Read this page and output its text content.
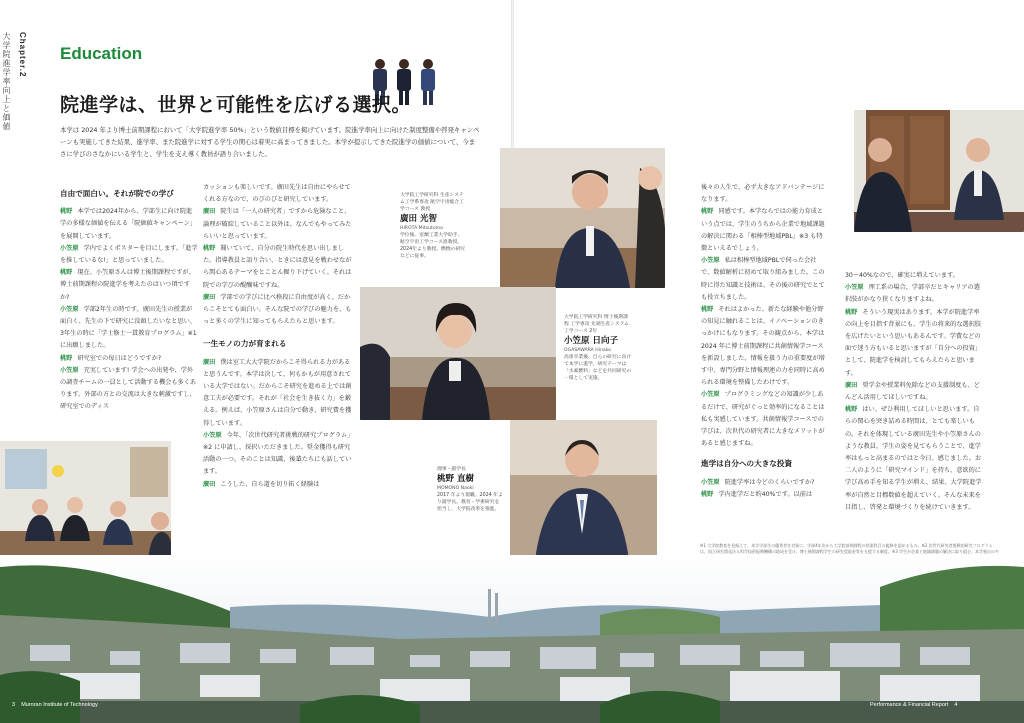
Chapter.2
大学院進学率向上と価値	Education
院進学は、世界と可能性を広げる選択。
本学は 2024 年より博士前期課程において「大学院進学率 50%」という数値目標を掲げています。院進学率向上に向けた制度整備や啓発キャンペーンも実施してきた結果、進学率、また院進学に対する学生の関心は着実に高まってきました。本学が提示してきた院進学の価値について、今まさに学びのさなかにいる学生と、学生を支え導く教員が語り合いました。
自由で面白い。それが院での学び

桃野 本学では2024年から、学部生に向け院進学の多様な価値を伝える「院価値キャンペーン」を展開しています。

小笠原 学内でよくポスターを目にします。「進学を推しているな!」と思っていました。

桃野 現在、小笠原さんは博士後期課程ですが、博士前期課程の院進学を考えたのはいつ頃ですか?

小笠原 学部2年生の時です。廣田先生の授業が面白く、先生の下で研究に没頭したいなと思い、3年生の時に「学士修士一貫教育プログラム」※1 に出願しました。

桃野 研究室での毎日はどうですか?

小笠原 充実しています! 学会への出発や、学外の調査チームの一員として活動する機会も多くあります。外部の方との交流は大きな刺激ですし、研究室でのディス

カッションも楽しいです。廣田先生は自由にやらせてくれる方なので、のびのびと研究しています。

廣田 院生は「一人の研究者」ですから危険なこと、論理が破綻していること以外は、なんでもやってみたらいいと思っています。

桃野 聞いていて、自分の院生時代を思い出しました。指導教員と語り合い、ときには意見を戦わせながら関心あるテーマをとことん掘り下げていく。それは院での学びの醍醐味ですね。

廣田 学部での学びに比べ格段に自由度が高く、だからこそとても面白い。そんな院での学びの魅力を、もっと多くの学生に知ってもらえたらと思います。

一生モノの力が育まれる

廣田 僕は室工大大学院だからこそ得られる力があると思うんです。本学は決して、何もかもが用意されている大学ではない。だからこそ研究を進める上では創意工夫が必要です。それが「社会を生き抜く力」を鍛える。例えば、小笠原さんは自分で動き、研究費を獲得しています。

小笠原 今年、「次世代研究者挑戦的研究プログラム」※2 に申請し、採択いただきました。奨金獲得も研究活動の一つ。そのことは知識、後輩たちにも話しています。

廣田 こうした、自ら道を切り拓く経験は

大学院工学研究科 生産システム工学系専攻 航空宇宙総合工学コース 教授
廣田 光智
HIROTA Mitsutomo
学位後、室蘭工業大学助手、航空宇宙工学コース准教授。2024年より教授。燃焼の研究などに従事。
大学院工学研究科 博士後期課程 工学専攻 先端生産システム工学コース 2年
小笠原 日向子
OGASAWARA Hinako
高専卒業後、自らの研究に向けて本学に進学。研究テーマは「水素燃料」などを共同研究の一環として実施。
理事・副学長
桃野 直樹
MOMONO Naoki
2017 年より現職。2024 年より副学長。教育・学術研究を担当し、大学院改革を推進。

後々の人生で、必ず大きなアドバンテージになります。

桃野 同感です。本学ならではの能力育成という点では、学生のうちから企業で地域課題の解決に関わる「相棒型地域PBL」※3 も特徴といえるでしょう。

小笠原 私は相棒型地域PBLで伺った会社で、数値解析に初めて取り組みました。この時に得た知識と技術は、その後の研究でとても役立ちました。

桃野 それはよかった。新たな経験や他分野の知見に触れることは、イノベーションのきっかけにもなります。その観点から、本学は 2024 年に博士前期課程に共創情報学コースを新設しました。情報を扱う力の重要度が増す中、専門分野と情報理連の力を同時に高められる環境を整備したわけです。

小笠原 プログラミングなどの知識が少しあるだけで、研究がぐっと効率的になることは私も実感しています。共創情報学コースでの学びは、次世代の研究者に大きなメリットがあると感じますね。

進学は自分への大きな投資

小笠原 院進学率は今どのくらいですか?

桃野 学内進学だと約40%です。以前は

30〜40%なので、確実に増えています。

小笠原 理工系の場合、学部卒だとキャリアの選択肢がかなり狭くなりますよね。

桃野 そういう現実はあります。本学が院進学率の向上を目指す背景にも、学生の将来的な選択肢を広げたいという思いもあるんです。学費などの面で迷う方もいると思いますが「自分への投資」として、院進学を検討してもらえたらと思います。

廣田 奨学金や授業料免除などの支援制度も、どんどん活用してほしいですね。

桃野 はい、ぜひ利用してほしいと思います。自らの関心を突き詰める時間は、とても楽しいもの。それを体現している廣田先生や小笠原さんのような教員、学生の姿を見てもらうことで、進学率はもっと高まるのではと今日、感じました。お二人のように「研究マインド」を持ち、意欲的に学び高め手を知る学生が増え、結果、大学院進学率が自然と目標数値を超えていく。そんな未来を目指し、啓発と環境づくりを続けていきます。

※1 大学院教育を見据えて、本学学部生の優秀者を対象に、学部4年次から大学院前期課程の授業科目の履修を認めるもの。※2 次世代研究者挑戦的研究プログラムは、国立研究開発法人科学技術振興機構の助成を受け、博士後期課程学生の研究奨励金等を支援する制度。※3 学生が企業と地域課題の解決に取り組む、本学独自のキ
3 Muroran Institute of Technology	Performance & Financial Report 4
